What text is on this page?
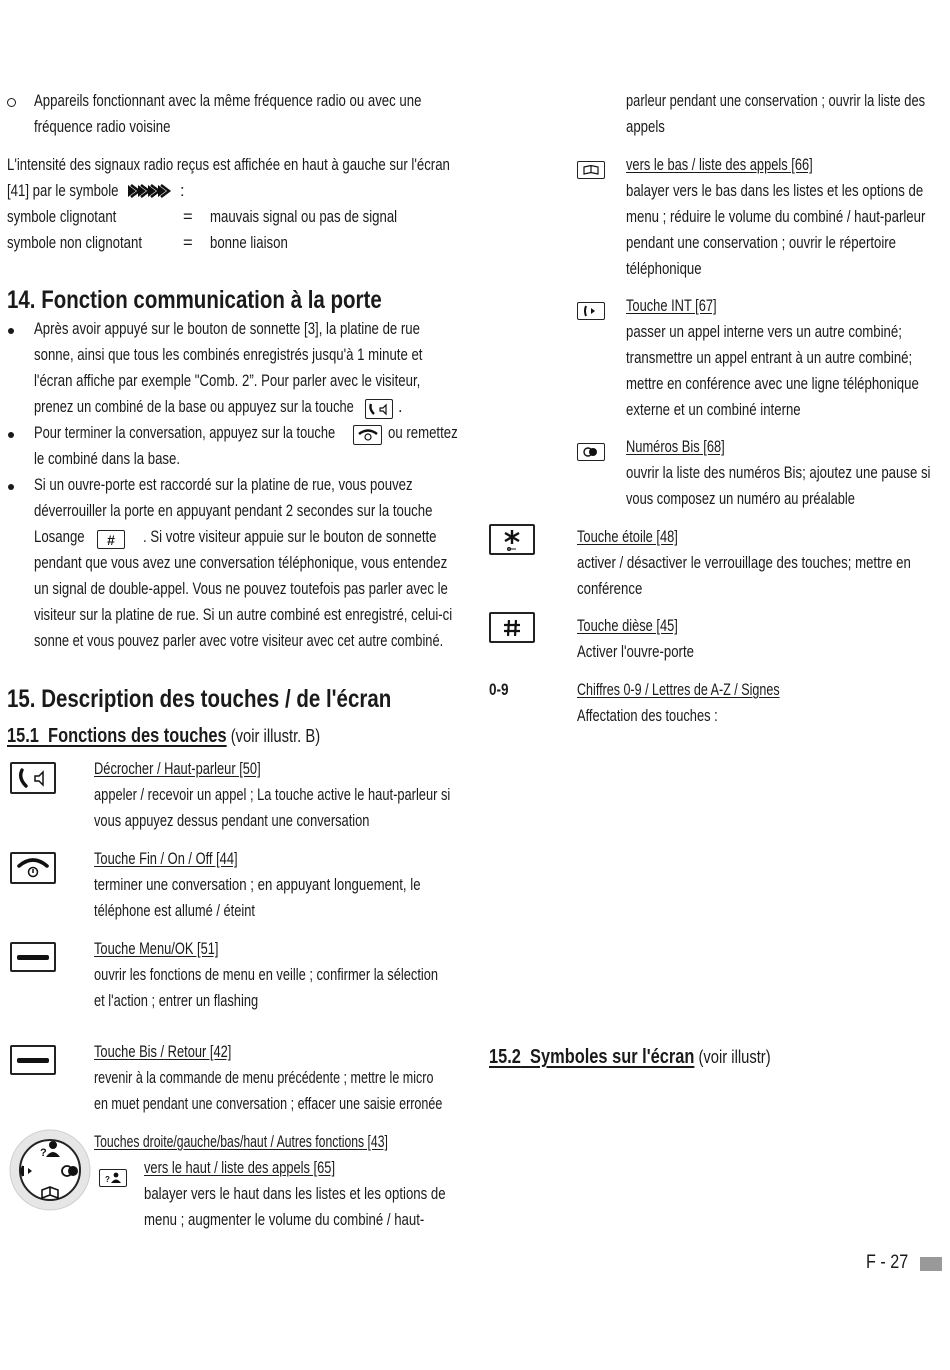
Appareils fonctionnant avec la même fréquence radio ou avec une
fréquence radio voisine
L'intensité des signaux radio reçus est affichée en haut à gauche sur l'écran
[41] par le symbole	:
symbole clignotant	= mauvais signal ou pas de signal
symbole non clignotant = bonne liaison
14. Fonction communication à la porte
Après avoir appuyé sur le bouton de sonnette [3], la platine de rue
sonne, ainsi que tous les combinés enregistrés jusqu'à 1 minute et
l'écran affiche par exemple "Comb. 2”. Pour parler avec le visiteur,
prenez un combiné de la base ou appuyez sur la touche	.
Pour terminer la conversation, appuyez sur la touche	ou remettez
le combiné dans la base.
Si un ouvre-porte est raccordé sur la platine de rue, vous pouvez
déverrouiller la porte en appuyant pendant 2 secondes sur la touche
Losange	#	. Si votre visiteur appuie sur le bouton de sonnette
pendant que vous avez une conversation téléphonique, vous entendez
un signal de double-appel. Vous ne pouvez toutefois pas parler avec le
visiteur sur la platine de rue. Si un autre combiné est enregistré, celui-ci
sonne et vous pouvez parler avec votre visiteur avec cet autre combiné.
15. Description des touches / de l'écran
15.1 Fonctions des touches (voir illustr. B)
Décrocher / Haut-parleur [50]
appeler / recevoir un appel ; La touche active le haut-parleur si
vous appuyez dessus pendant une conversation
Touche Fin / On / Off [44]
terminer une conversation ; en appuyant longuement, le
téléphone est allumé / éteint
Touche Menu/OK [51]
ouvrir les fonctions de menu en veille ; confirmer la sélection
et l'action ; entrer un flashing
Touche Bis / Retour [42]
revenir à la commande de menu précédente ; mettre le micro
en muet pendant une conversation ; effacer une saisie erronée
?
Touches droite/gauche/bas/haut / Autres fonctions [43]
?
vers le haut / liste des appels [65]
balayer vers le haut dans les listes et les options de
menu ; augmenter le volume du combiné / haut-
parleur pendant une conservation ; ouvrir la liste des
appels
vers le bas / liste des appels [66]
balayer vers le bas dans les listes et les options de
menu ; réduire le volume du combiné / haut-parleur
pendant une conservation ; ouvrir le répertoire
téléphonique
Touche INT [67]
passer un appel interne vers un autre combiné;
transmettre un appel entrant à un autre combiné;
mettre en conférence avec une ligne téléphonique
externe et un combiné interne
Numéros Bis [68]
ouvrir la liste des numéros Bis; ajoutez une pause si
vous composez un numéro au préalable
Touche étoile [48]
activer / désactiver le verrouillage des touches; mettre en
conférence
Touche dièse [45]
Activer l'ouvre-porte
0-9	Chiffres 0-9 / Lettres de A-Z / Signes
Affectation des touches :
15.2 Symboles sur l'écran (voir illustr)
F - 27
